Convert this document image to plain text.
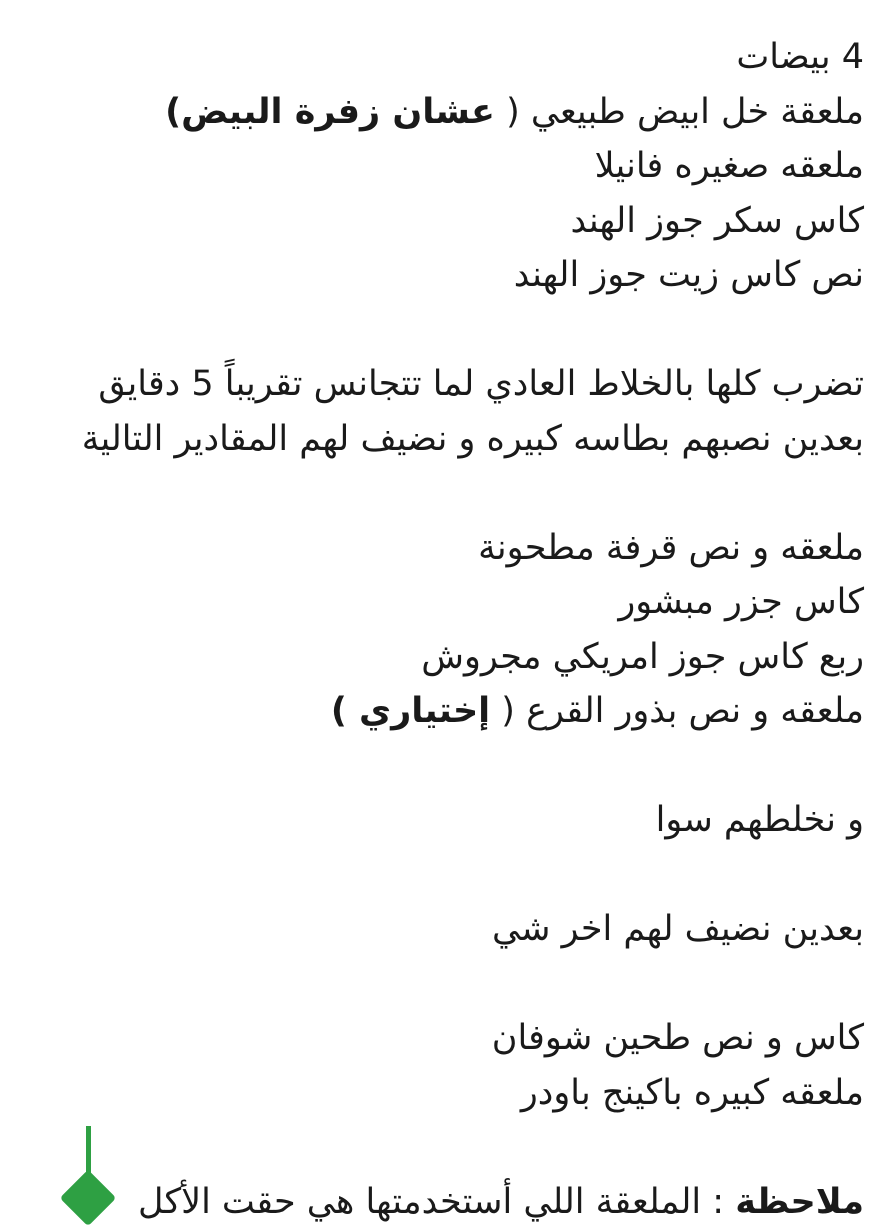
4 بيضات
ملعقة خل ابيض طبيعي ( عشان زفرة البيض)
ملعقه صغيره فانيلا
كاس سكر جوز الهند
نص كاس زيت جوز الهند
تضرب كلها بالخلاط العادي لما تتجانس تقريباً 5 دقايق
بعدين نصبهم بطاسه كبيره و نضيف لهم المقادير التالية
ملعقه و نص قرفة مطحونة
كاس جزر مبشور
ربع كاس جوز امريكي مجروش
ملعقه و نص بذور القرع ( إختياري )
و نخلطهم سوا
بعدين نضيف لهم اخر شي
كاس و نص طحين شوفان
ملعقه كبيره باكينج باودر
ملاحظة : الملعقة اللي أستخدمتها هي حقت الأكل
